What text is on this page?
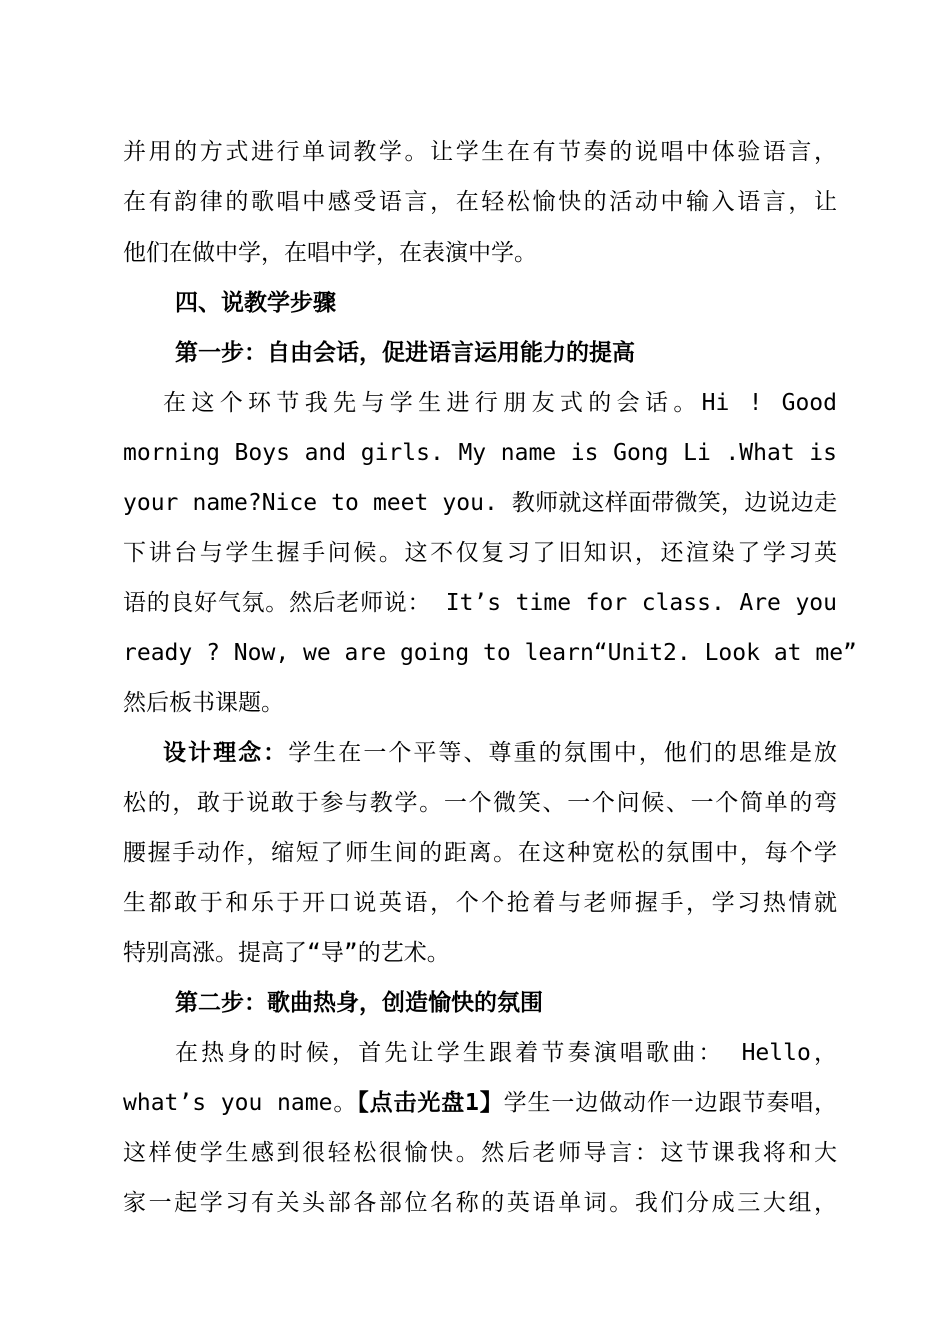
并用的方式进行单词教学。让学生在有节奏的说唱中体验语言，
在有韵律的歌唱中感受语言，在轻松愉快的活动中输入语言，让
他们在做中学，在唱中学，在表演中学。
四、说教学步骤
第一步：自由会话，促进语言运用能力的提高
在这个环节我先与学生进行朋友式的会话。Hi ! Good
morning Boys and girls. My name is Gong Li .What is
your name?Nice to meet you. 教师就这样面带微笑，边说边走
下讲台与学生握手问候。这不仅复习了旧知识，还渲染了学习英
语的良好气氛。然后老师说： It’s time for class. Are you
ready ? Now, we are going to learn“Unit2. Look at me”
然后板书课题。
设计理念：学生在一个平等、尊重的氛围中，他们的思维是放
松的，敢于说敢于参与教学。一个微笑、一个问候、一个简单的弯
腰握手动作，缩短了师生间的距离。在这种宽松的氛围中，每个学
生都敢于和乐于开口说英语，个个抢着与老师握手，学习热情就
特别高涨。提高了“导”的艺术。
第二步：歌曲热身，创造愉快的氛围
在热身的时候，首先让学生跟着节奏演唱歌曲： Hello，
what’s you name。【点击光盘1】学生一边做动作一边跟节奏唱，
这样使学生感到很轻松很愉快。然后老师导言：这节课我将和大
家一起学习有关头部各部位名称的英语单词。我们分成三大组，
